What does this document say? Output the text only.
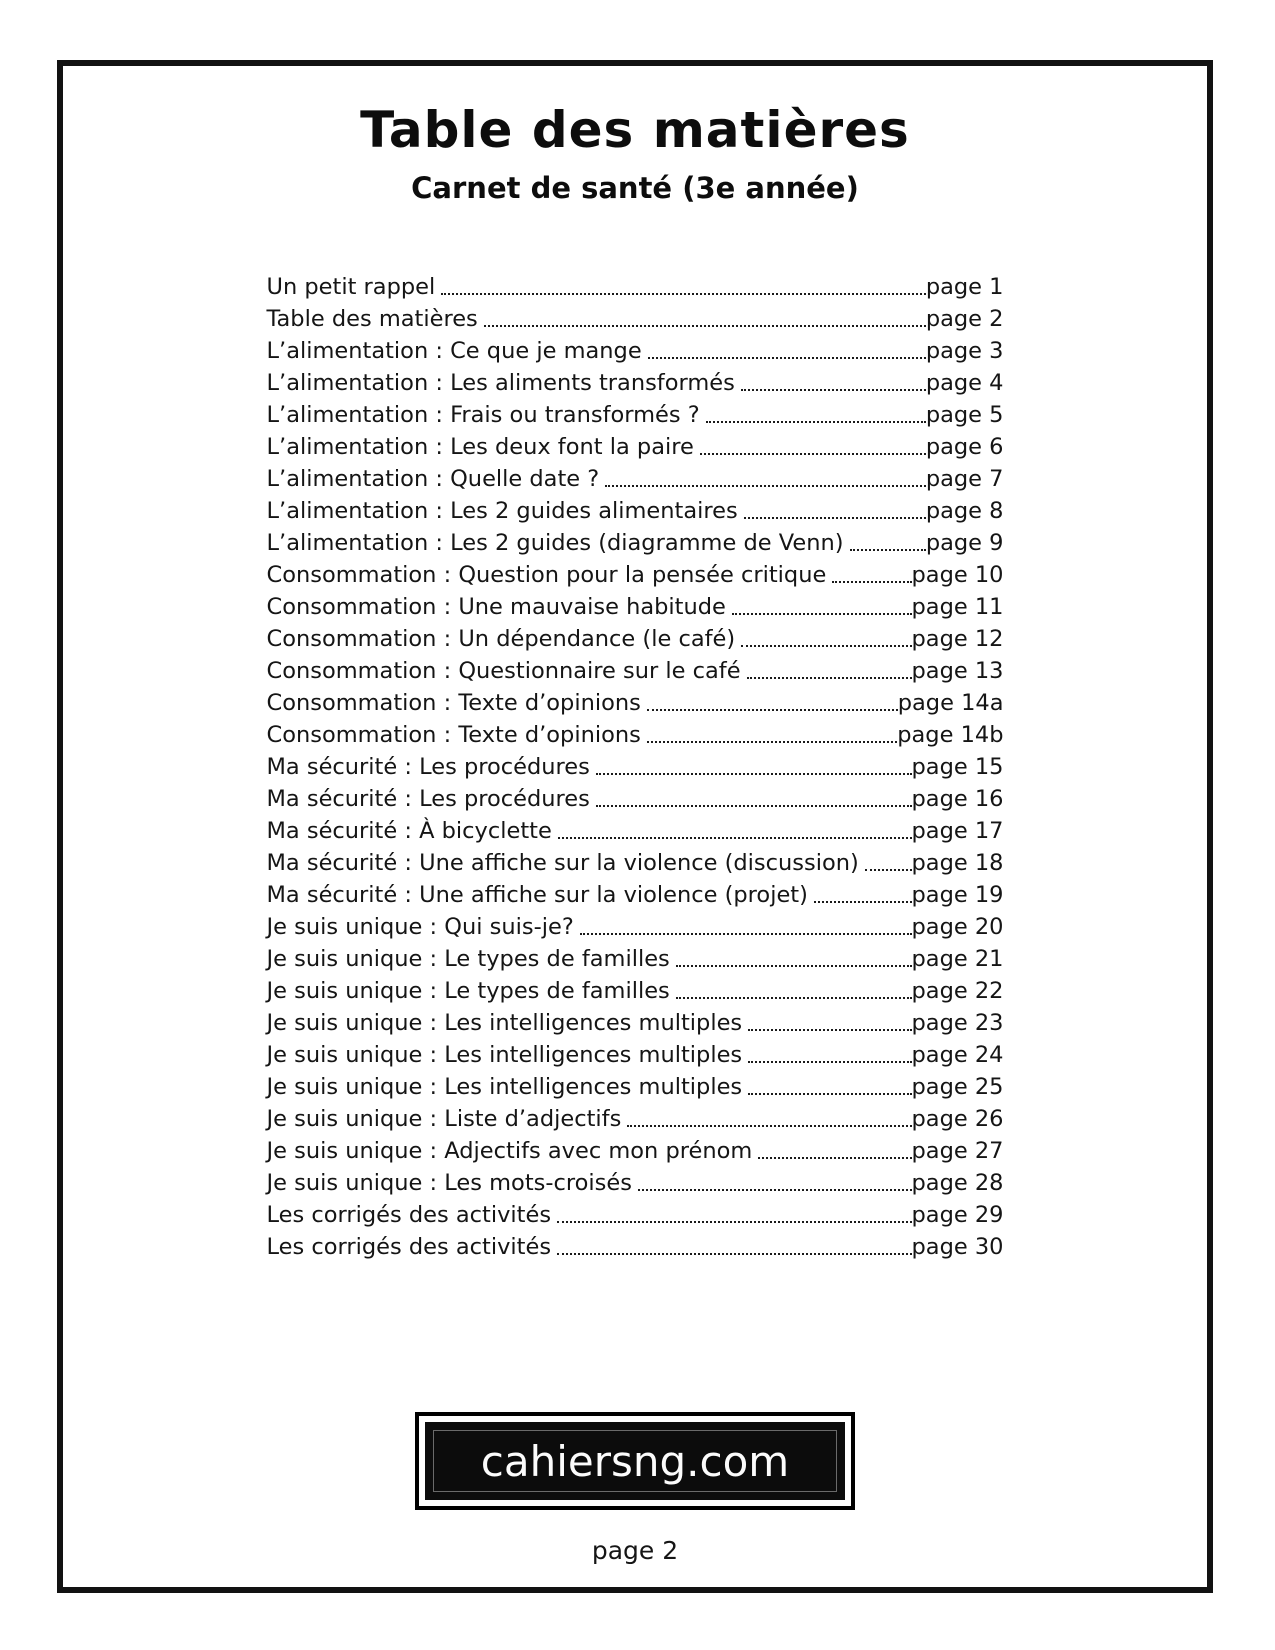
Table des matières
Carnet de santé (3e année)
Un petit rappel	page 1
Table des matières	page 2
L’alimentation : Ce que je mange	page 3
L’alimentation : Les aliments transformés	page 4
L’alimentation : Frais ou transformés ?	page 5
L’alimentation : Les deux font la paire	page 6
L’alimentation : Quelle date ?	page 7
L’alimentation : Les 2 guides alimentaires	page 8
L’alimentation : Les 2 guides (diagramme de Venn)	page 9
Consommation : Question pour la pensée critique	page 10
Consommation : Une mauvaise habitude	page 11
Consommation : Un dépendance (le café)	page 12
Consommation : Questionnaire sur le café	page 13
Consommation : Texte d’opinions	page 14a
Consommation : Texte d’opinions	page 14b
Ma sécurité : Les procédures	page 15
Ma sécurité : Les procédures	page 16
Ma sécurité : À bicyclette	page 17
Ma sécurité : Une affiche sur la violence (discussion) page 18
Ma sécurité : Une affiche sur la violence (projet)	page 19
Je suis unique : Qui suis-je?	page 20
Je suis unique : Le types de familles	page 21
Je suis unique : Le types de familles	page 22
Je suis unique : Les intelligences multiples	page 23
Je suis unique : Les intelligences multiples	page 24
Je suis unique : Les intelligences multiples	page 25
Je suis unique : Liste d’adjectifs	page 26
Je suis unique : Adjectifs avec mon prénom	page 27
Je suis unique : Les mots-croisés	page 28
Les corrigés des activités	page 29
Les corrigés des activités	page 30
cahiersng.com
page 2
